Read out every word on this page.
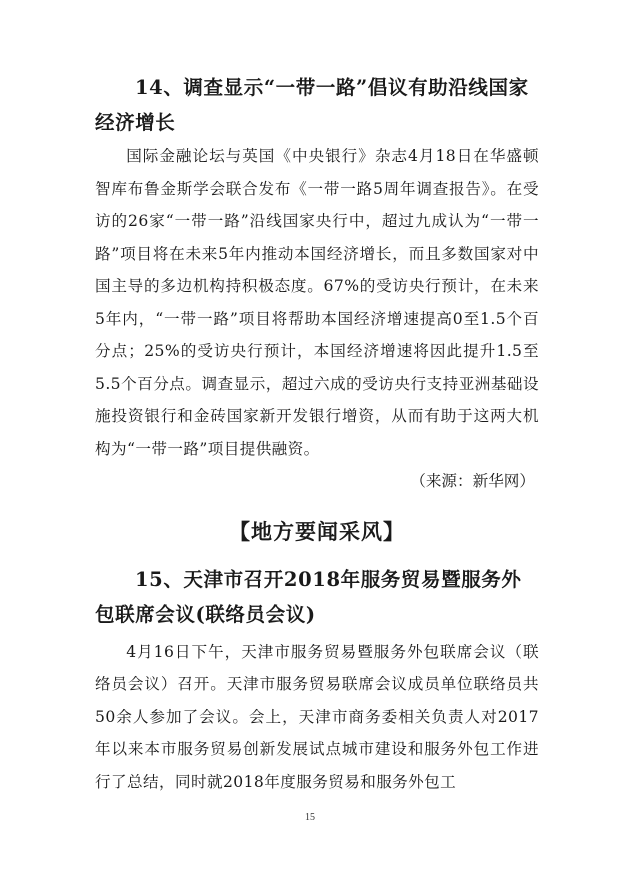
14、调查显示“一带一路”倡议有助沿线国家经济增长

国际金融论坛与英国《中央银行》杂志4月18日在华盛顿智库布鲁金斯学会联合发布《一带一路5周年调查报告》。在受访的26家“一带一路”沿线国家央行中，超过九成认为“一带一路”项目将在未来5年内推动本国经济增长，而且多数国家对中国主导的多边机构持积极态度。67%的受访央行预计，在未来5年内，“一带一路”项目将帮助本国经济增速提高0至1.5个百分点；25%的受访央行预计，本国经济增速将因此提升1.5至5.5个百分点。调查显示，超过六成的受访央行支持亚洲基础设施投资银行和金砖国家新开发银行增资，从而有助于这两大机构为“一带一路”项目提供融资。

（来源：新华网）

【地方要闻采风】

15、天津市召开2018年服务贸易暨服务外包联席会议(联络员会议)

4月16日下午，天津市服务贸易暨服务外包联席会议（联络员会议）召开。天津市服务贸易联席会议成员单位联络员共50余人参加了会议。会上，天津市商务委相关负责人对2017年以来本市服务贸易创新发展试点城市建设和服务外包工作进行了总结，同时就2018年度服务贸易和服务外包工

15
